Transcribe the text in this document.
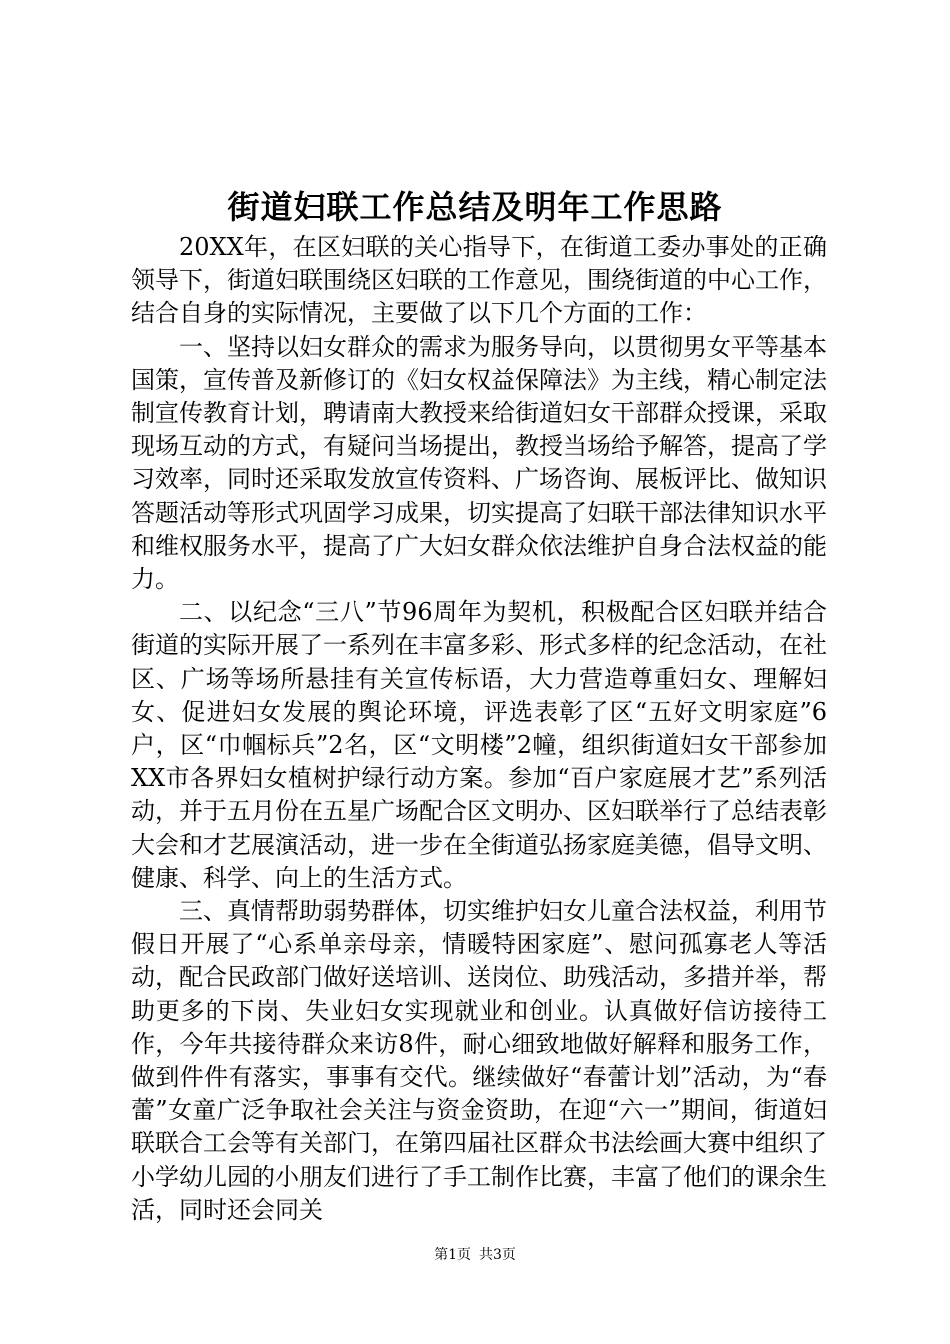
街道妇联工作总结及明年工作思路

20XX年，在区妇联的关心指导下，在街道工委办事处的正确领导下，街道妇联围绕区妇联的工作意见，围绕街道的中心工作，结合自身的实际情况，主要做了以下几个方面的工作：

一、坚持以妇女群众的需求为服务导向，以贯彻男女平等基本国策，宣传普及新修订的《妇女权益保障法》为主线，精心制定法制宣传教育计划，聘请南大教授来给街道妇女干部群众授课，采取现场互动的方式，有疑问当场提出，教授当场给予解答，提高了学习效率，同时还采取发放宣传资料、广场咨询、展板评比、做知识答题活动等形式巩固学习成果，切实提高了妇联干部法律知识水平和维权服务水平，提高了广大妇女群众依法维护自身合法权益的能力。

二、以纪念“三八”节96周年为契机，积极配合区妇联并结合街道的实际开展了一系列在丰富多彩、形式多样的纪念活动，在社区、广场等场所悬挂有关宣传标语，大力营造尊重妇女、理解妇女、促进妇女发展的舆论环境，评选表彰了区“五好文明家庭”6户，区“巾帼标兵”2名，区“文明楼”2幢，组织街道妇女干部参加XX市各界妇女植树护绿行动方案。参加“百户家庭展才艺”系列活动，并于五月份在五星广场配合区文明办、区妇联举行了总结表彰大会和才艺展演活动，进一步在全街道弘扬家庭美德，倡导文明、健康、科学、向上的生活方式。

三、真情帮助弱势群体，切实维护妇女儿童合法权益，利用节假日开展了“心系单亲母亲，情暖特困家庭”、慰问孤寡老人等活动，配合民政部门做好送培训、送岗位、助残活动，多措并举，帮助更多的下岗、失业妇女实现就业和创业。认真做好信访接待工作，今年共接待群众来访8件，耐心细致地做好解释和服务工作，做到件件有落实，事事有交代。继续做好“春蕾计划”活动，为“春蕾”女童广泛争取社会关注与资金资助，在迎“六一”期间，街道妇联联合工会等有关部门，在第四届社区群众书法绘画大赛中组织了小学幼儿园的小朋友们进行了手工制作比赛，丰富了他们的课余生活，同时还会同关

第1页 共3页
